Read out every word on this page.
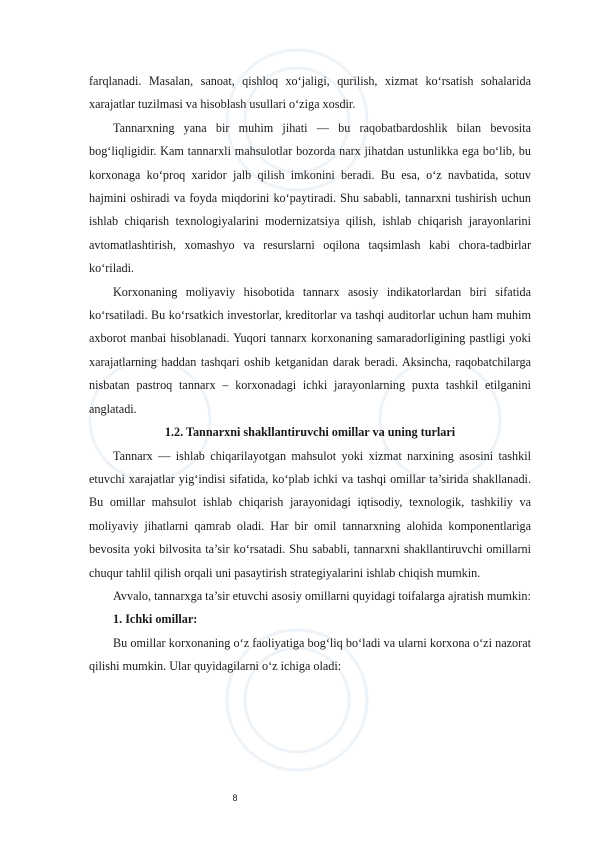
farqlanadi. Masalan, sanoat, qishloq xo‘jaligi, qurilish, xizmat ko‘rsatish sohalarida xarajatlar tuzilmasi va hisoblash usullari o‘ziga xosdir.

Tannarxning yana bir muhim jihati — bu raqobatbardoshlik bilan bevosita bog‘liqligidir. Kam tannarxli mahsulotlar bozorda narx jihatdan ustunlikka ega bo‘lib, bu korxonaga ko‘proq xaridor jalb qilish imkonini beradi. Bu esa, o‘z navbatida, sotuv hajmini oshiradi va foyda miqdorini ko‘paytiradi. Shu sababli, tannarxni tushirish uchun ishlab chiqarish texnologiyalarini modernizatsiya qilish, ishlab chiqarish jarayonlarini avtomatlashtirish, xomashyo va resurslarni oqilona taqsimlash kabi chora-tadbirlar ko‘riladi.

Korxonaning moliyaviy hisobotida tannarx asosiy indikatorlardan biri sifatida ko‘rsatiladi. Bu ko‘rsatkich investorlar, kreditorlar va tashqi auditorlar uchun ham muhim axborot manbai hisoblanadi. Yuqori tannarx korxonaning samaradorligining pastligi yoki xarajatlarning haddan tashqari oshib ketganidan darak beradi. Aksincha, raqobatchilarga nisbatan pastroq tannarx – korxonadagi ichki jarayonlarning puxta tashkil etilganini anglatadi.

1.2. Tannarxni shakllantiruvchi omillar va uning turlari

Tannarx — ishlab chiqarilayotgan mahsulot yoki xizmat narxining asosini tashkil etuvchi xarajatlar yig‘indisi sifatida, ko‘plab ichki va tashqi omillar ta’sirida shakllanadi. Bu omillar mahsulot ishlab chiqarish jarayonidagi iqtisodiy, texnologik, tashkiliy va moliyaviy jihatlarni qamrab oladi. Har bir omil tannarxning alohida komponentlariga bevosita yoki bilvosita ta’sir ko‘rsatadi. Shu sababli, tannarxni shakllantiruvchi omillarni chuqur tahlil qilish orqali uni pasaytirish strategiyalarini ishlab chiqish mumkin.

Avvalo, tannarxga ta’sir etuvchi asosiy omillarni quyidagi toifalarga ajratish mumkin:

1. Ichki omillar:

Bu omillar korxonaning o‘z faoliyatiga bog‘liq bo‘ladi va ularni korxona o‘zi nazorat qilishi mumkin. Ular quyidagilarni o‘z ichiga oladi:

8
